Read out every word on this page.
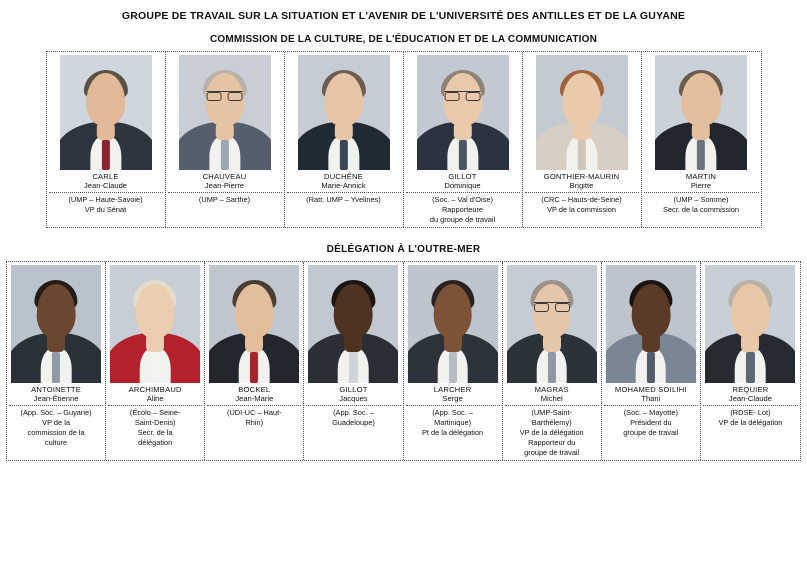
GROUPE DE TRAVAIL SUR LA SITUATION ET L'AVENIR DE L'UNIVERSITÉ DES ANTILLES ET DE LA GUYANE
COMMISSION DE LA CULTURE, DE L'ÉDUCATION ET DE LA COMMUNICATION
CARLE
Jean-Claude
(UMP – Haute-Savoie)
VP du Sénat
CHAUVEAU
Jean-Pierre
(UMP – Sarthe)
DUCHÊNE
Marie-Annick
(Ratt. UMP – Yvelines)
GILLOT
Dominique
(Soc. – Val d'Oise)
Rapporteure
du groupe de travail
GONTHIER-MAURIN
Brigitte
(CRC – Hauts-de-Seine)
VP de la commission
MARTIN
Pierre
(UMP – Somme)
Secr. de la commission
DÉLÉGATION À L'OUTRE-MER
ANTOINETTE
Jean-Étienne
(App. Soc. – Guyane)
VP de la
commission de la
culture
ARCHIMBAUD
Aline
(Écolo – Seine-
Saint-Denis)
Secr. de la
délégation
BOCKEL
Jean-Marie
(UDI-UC – Haut-
Rhin)
GILLOT
Jacques
(App. Soc. –
Guadeloupe)
LARCHER
Serge
(App. Soc. –
Martinique)
Pt de la délégation
MAGRAS
Michel
(UMP-Saint-
Barthélemy)
VP de la délégation
Rapporteur du
groupe de travail
MOHAMED SOILIHI
Thani
(Soc. – Mayotte)
Président du
groupe de travail
REQUIER
Jean-Claude
(RDSE- Lot)
VP de la délégation
